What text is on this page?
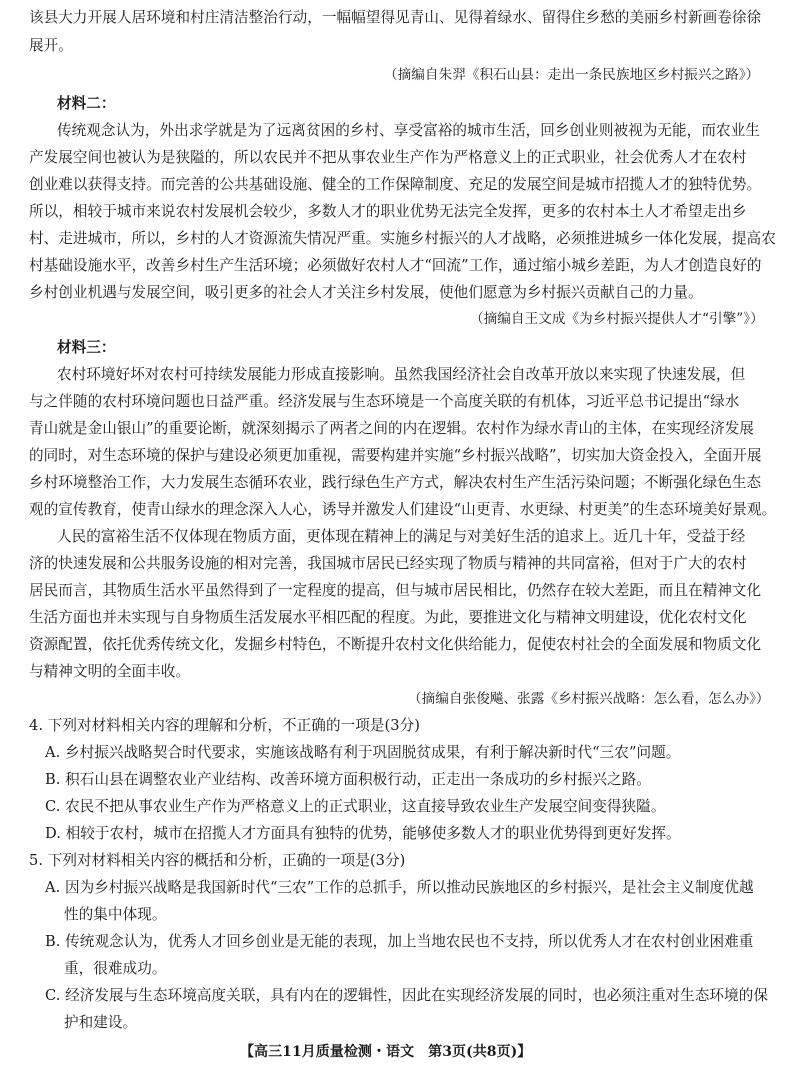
该县大力开展人居环境和村庄清洁整治行动，一幅幅望得见青山、见得着绿水、留得住乡愁的美丽乡村新画卷徐徐
展开。
（摘编自朱羿《积石山县：走出一条民族地区乡村振兴之路》）
材料二：
传统观念认为，外出求学就是为了远离贫困的乡村、享受富裕的城市生活，回乡创业则被视为无能，而农业生
产发展空间也被认为是狭隘的，所以农民并不把从事农业生产作为严格意义上的正式职业，社会优秀人才在农村
创业难以获得支持。而完善的公共基础设施、健全的工作保障制度、充足的发展空间是城市招揽人才的独特优势。
所以，相较于城市来说农村发展机会较少，多数人才的职业优势无法完全发挥，更多的农村本土人才希望走出乡
村、走进城市，所以，乡村的人才资源流失情况严重。实施乡村振兴的人才战略，必须推进城乡一体化发展，提高农
村基础设施水平，改善乡村生产生活环境；必须做好农村人才“回流”工作，通过缩小城乡差距，为人才创造良好的
乡村创业机遇与发展空间，吸引更多的社会人才关注乡村发展，使他们愿意为乡村振兴贡献自己的力量。
（摘编自王文成《为乡村振兴提供人才“引擎”》）
材料三：
农村环境好坏对农村可持续发展能力形成直接影响。虽然我国经济社会自改革开放以来实现了快速发展，但
与之伴随的农村环境问题也日益严重。经济发展与生态环境是一个高度关联的有机体，习近平总书记提出“绿水
青山就是金山银山”的重要论断，就深刻揭示了两者之间的内在逻辑。农村作为绿水青山的主体，在实现经济发展
的同时，对生态环境的保护与建设必须更加重视，需要构建并实施“乡村振兴战略”，切实加大资金投入，全面开展
乡村环境整治工作，大力发展生态循环农业，践行绿色生产方式，解决农村生产生活污染问题；不断强化绿色生态
观的宣传教育，使青山绿水的理念深入人心，诱导并激发人们建设“山更青、水更绿、村更美”的生态环境美好景观。
人民的富裕生活不仅体现在物质方面，更体现在精神上的满足与对美好生活的追求上。近几十年，受益于经
济的快速发展和公共服务设施的相对完善，我国城市居民已经实现了物质与精神的共同富裕，但对于广大的农村
居民而言，其物质生活水平虽然得到了一定程度的提高，但与城市居民相比，仍然存在较大差距，而且在精神文化
生活方面也并未实现与自身物质生活发展水平相匹配的程度。为此，要推进文化与精神文明建设，优化农村文化
资源配置，依托优秀传统文化，发掘乡村特色，不断提升农村文化供给能力，促使农村社会的全面发展和物质文化
与精神文明的全面丰收。
（摘编自张俊飚、张露《乡村振兴战略：怎么看，怎么办》）
4. 下列对材料相关内容的理解和分析，不正确的一项是(3分)
A. 乡村振兴战略契合时代要求，实施该战略有利于巩固脱贫成果，有利于解决新时代“三农”问题。
B. 积石山县在调整农业产业结构、改善环境方面积极行动，正走出一条成功的乡村振兴之路。
C. 农民不把从事农业生产作为严格意义上的正式职业，这直接导致农业生产发展空间变得狭隘。
D. 相较于农村，城市在招揽人才方面具有独特的优势，能够使多数人才的职业优势得到更好发挥。
5. 下列对材料相关内容的概括和分析，正确的一项是(3分)
A. 因为乡村振兴战略是我国新时代“三农”工作的总抓手，所以推动民族地区的乡村振兴，是社会主义制度优越
性的集中体现。
B. 传统观念认为，优秀人才回乡创业是无能的表现，加上当地农民也不支持，所以优秀人才在农村创业困难重
重，很难成功。
C. 经济发展与生态环境高度关联，具有内在的逻辑性，因此在实现经济发展的同时，也必须注重对生态环境的保
护和建设。
【高三11月质量检测・语文　第3页(共8页)】
